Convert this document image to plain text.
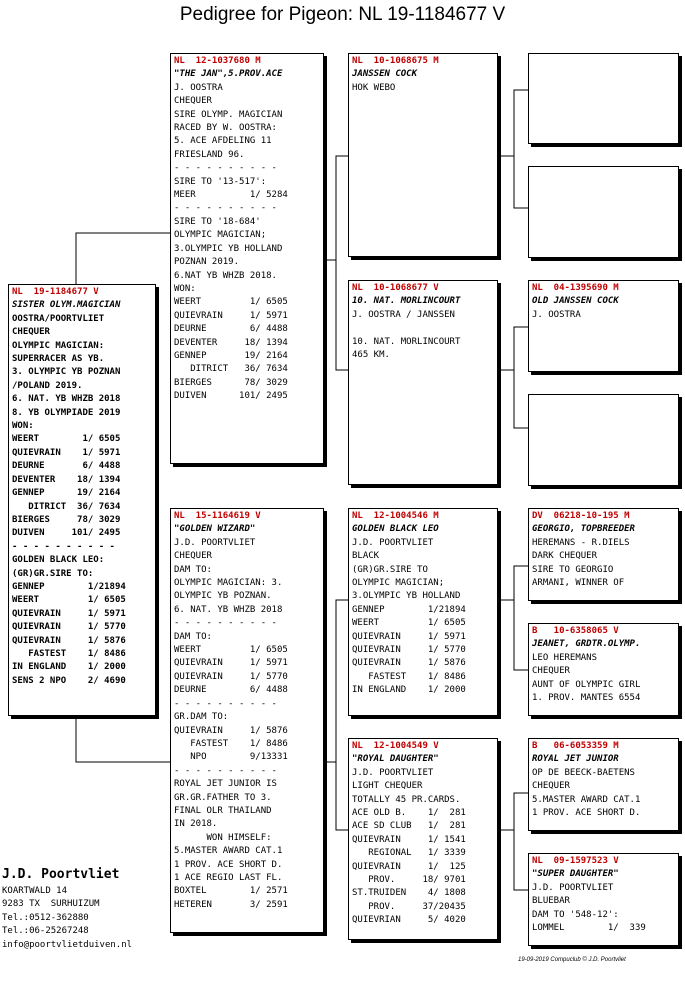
Pedigree for Pigeon: NL 19-1184677 V
NL  19-1184677 V
SISTER OLYM.MAGICIAN
OOSTRA/POORTVLIET
CHEQUER
OLYMPIC MAGICIAN:
SUPERRACER AS YB.
3. OLYMPIC YB POZNAN
/POLAND 2019.
6. NAT. YB WHZB 2018
8. YB OLYMPIADE 2019
WON:
WEERT        1/ 6505
QUIEVRAIN    1/ 5971
DEURNE       6/ 4488
DEVENTER    18/ 1394
GENNEP      19/ 2164
DITRICT  36/ 7634
BIERGES     78/ 3029
DUIVEN     101/ 2495
- - - - - - - - - -
GOLDEN BLACK LEO:
(GR)GR.SIRE TO:
GENNEP        1/21894
WEERT         1/ 6505
QUIEVRAIN     1/ 5971
QUIEVRAIN     1/ 5770
QUIEVRAIN     1/ 5876
FASTEST    1/ 8486
IN ENGLAND    1/ 2000
SENS 2 NPO    2/ 4690
NL  12-1037680 M
"THE JAN",5.PROV.ACE
J. OOSTRA
CHEQUER
SIRE OLYMP. MAGICIAN
RACED BY W. OOSTRA:
5. ACE AFDELING 11
FRIESLAND 96.
- - - - - - - - - -
SIRE TO '13-517':
MEER          1/ 5284
- - - - - - - - - -
SIRE TO '18-684'
OLYMPIC MAGICIAN;
3.OLYMPIC YB HOLLAND
POZNAN 2019.
6.NAT YB WHZB 2018.
WON:
WEERT         1/ 6505
QUIEVRAIN     1/ 5971
DEURNE        6/ 4488
DEVENTER     18/ 1394
GENNEP       19/ 2164
DITRICT   36/ 7634
BIERGES      78/ 3029
DUIVEN      101/ 2495
NL  15-1164619 V
"GOLDEN WIZARD"
J.D. POORTVLIET
CHEQUER
DAM TO:
OLYMPIC MAGICIAN: 3.
OLYMPIC YB POZNAN.
6. NAT. YB WHZB 2018
- - - - - - - - - -
DAM TO:
WEERT         1/ 6505
QUIEVRAIN     1/ 5971
QUIEVRAIN     1/ 5770
DEURNE        6/ 4488
- - - - - - - - - -
GR.DAM TO:
QUIEVRAIN     1/ 5876
FASTEST    1/ 8486
NPO        9/13331
- - - - - - - - - -
ROYAL JET JUNIOR IS
GR.GR.FATHER TO 3.
FINAL OLR THAILAND
IN 2018.
WON HIMSELF:
5.MASTER AWARD CAT.1
1 PROV. ACE SHORT D.
1 ACE REGIO LAST FL.
BOXTEL        1/ 2571
HETEREN       3/ 2591
NL  10-1068675 M
JANSSEN COCK
HOK WEBO
NL  10-1068677 V
10. NAT. MORLINCOURT
J. OOSTRA / JANSSEN

10. NAT. MORLINCOURT
465 KM.
NL  12-1004546 M
GOLDEN BLACK LEO
J.D. POORTVLIET
BLACK
(GR)GR.SIRE TO
OLYMPIC MAGICIAN;
3.OLYMPIC YB HOLLAND
GENNEP        1/21894
WEERT         1/ 6505
QUIEVRAIN     1/ 5971
QUIEVRAIN     1/ 5770
QUIEVRAIN     1/ 5876
FASTEST    1/ 8486
IN ENGLAND    1/ 2000
NL  12-1004549 V
"ROYAL DAUGHTER"
J.D. POORTVLIET
LIGHT CHEQUER
TOTALLY 45 PR.CARDS.
ACE OLD B.    1/  281
ACE SD CLUB   1/  281
QUIEVRAIN     1/ 1541
REGIONAL   1/ 3339
QUIEVRAIN     1/  125
PROV.     18/ 9701
ST.TRUIDEN    4/ 1808
PROV.     37/20435
QUIEVRIAN     5/ 4020
NL  04-1395690 M
OLD JANSSEN COCK
J. OOSTRA
DV  06218-10-195 M
GEORGIO, TOPBREEDER
HEREMANS - R.DIELS
DARK CHEQUER
SIRE TO GEORGIO
ARMANI, WINNER OF
B   10-6358065 V
JEANET, GRDTR.OLYMP.
LEO HEREMANS
CHEQUER
AUNT OF OLYMPIC GIRL
1. PROV. MANTES 6554
B   06-6053359 M
ROYAL JET JUNIOR
OP DE BEECK-BAETENS
CHEQUER
5.MASTER AWARD CAT.1
1 PROV. ACE SHORT D.
NL  09-1597523 V
"SUPER DAUGHTER"
J.D. POORTVLIET
BLUEBAR
DAM TO '548-12':
LOMMEL        1/  339
J.D. Poortvliet
KOARTWALD 14
9283 TX  SURHUIZUM
Tel.:0512-362880
Tel.:06-25267248
info@poortvlietduiven.nl
19-09-2019 Compuclub © J.D. Poortvliet
